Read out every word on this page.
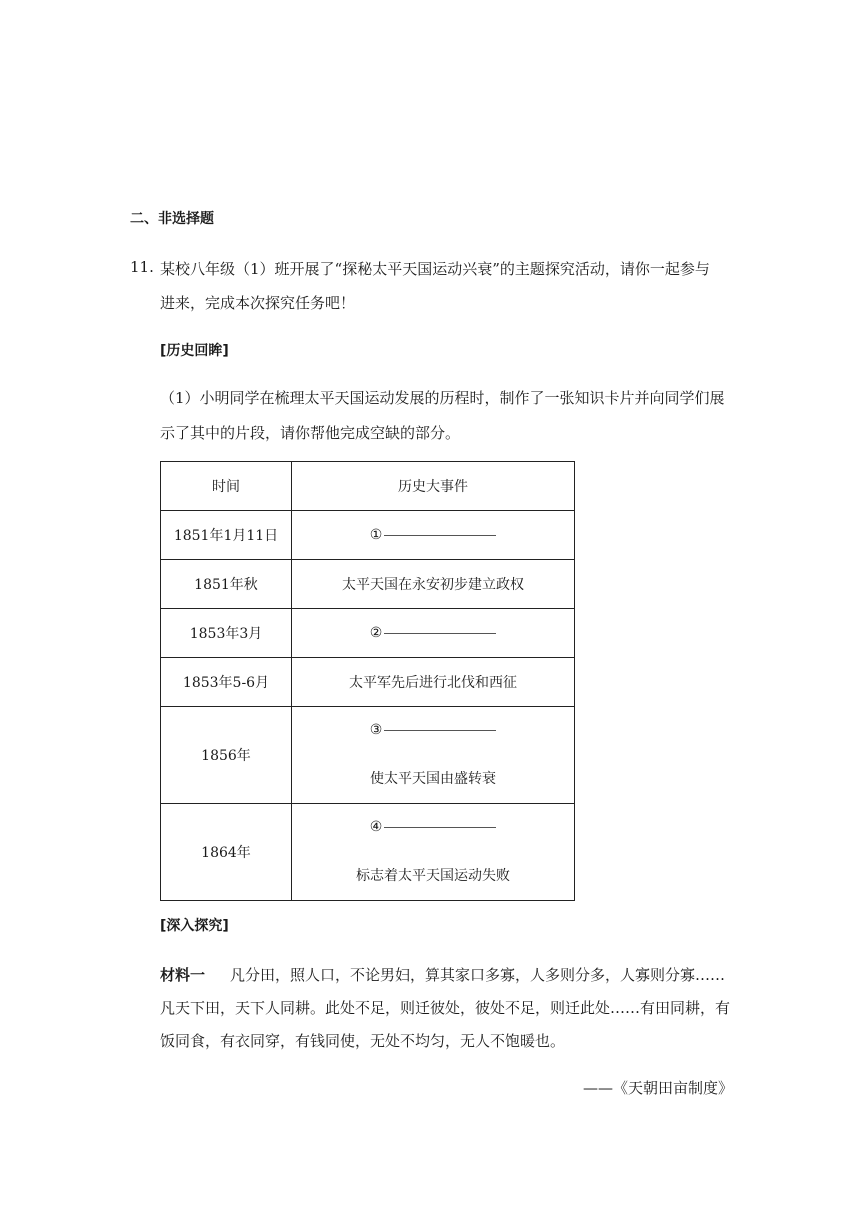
二、非选择题
11. 某校八年级（1）班开展了“探秘太平天国运动兴衰”的主题探究活动，请你一起参与
进来，完成本次探究任务吧！
[历史回眸]
（1）小明同学在梳理太平天国运动发展的历程时，制作了一张知识卡片并向同学们展
示了其中的片段，请你帮他完成空缺的部分。
时间	历史大事件

1851年1月11日	①

1851年秋	太平天国在永安初步建立政权

1853年3月	②

1853年5-6月	太平军先后进行北伐和西征

1856年	③
使太平天国由盛转衰

1864年	④
标志着太平天国运动失败
[深入探究]
材料一 凡分田，照人口，不论男妇，算其家口多寡，人多则分多，人寡则分寡……
凡天下田，天下人同耕。此处不足，则迁彼处，彼处不足，则迁此处……有田同耕，有
饭同食，有衣同穿，有钱同使，无处不均匀，无人不饱暖也。
——《天朝田亩制度》
